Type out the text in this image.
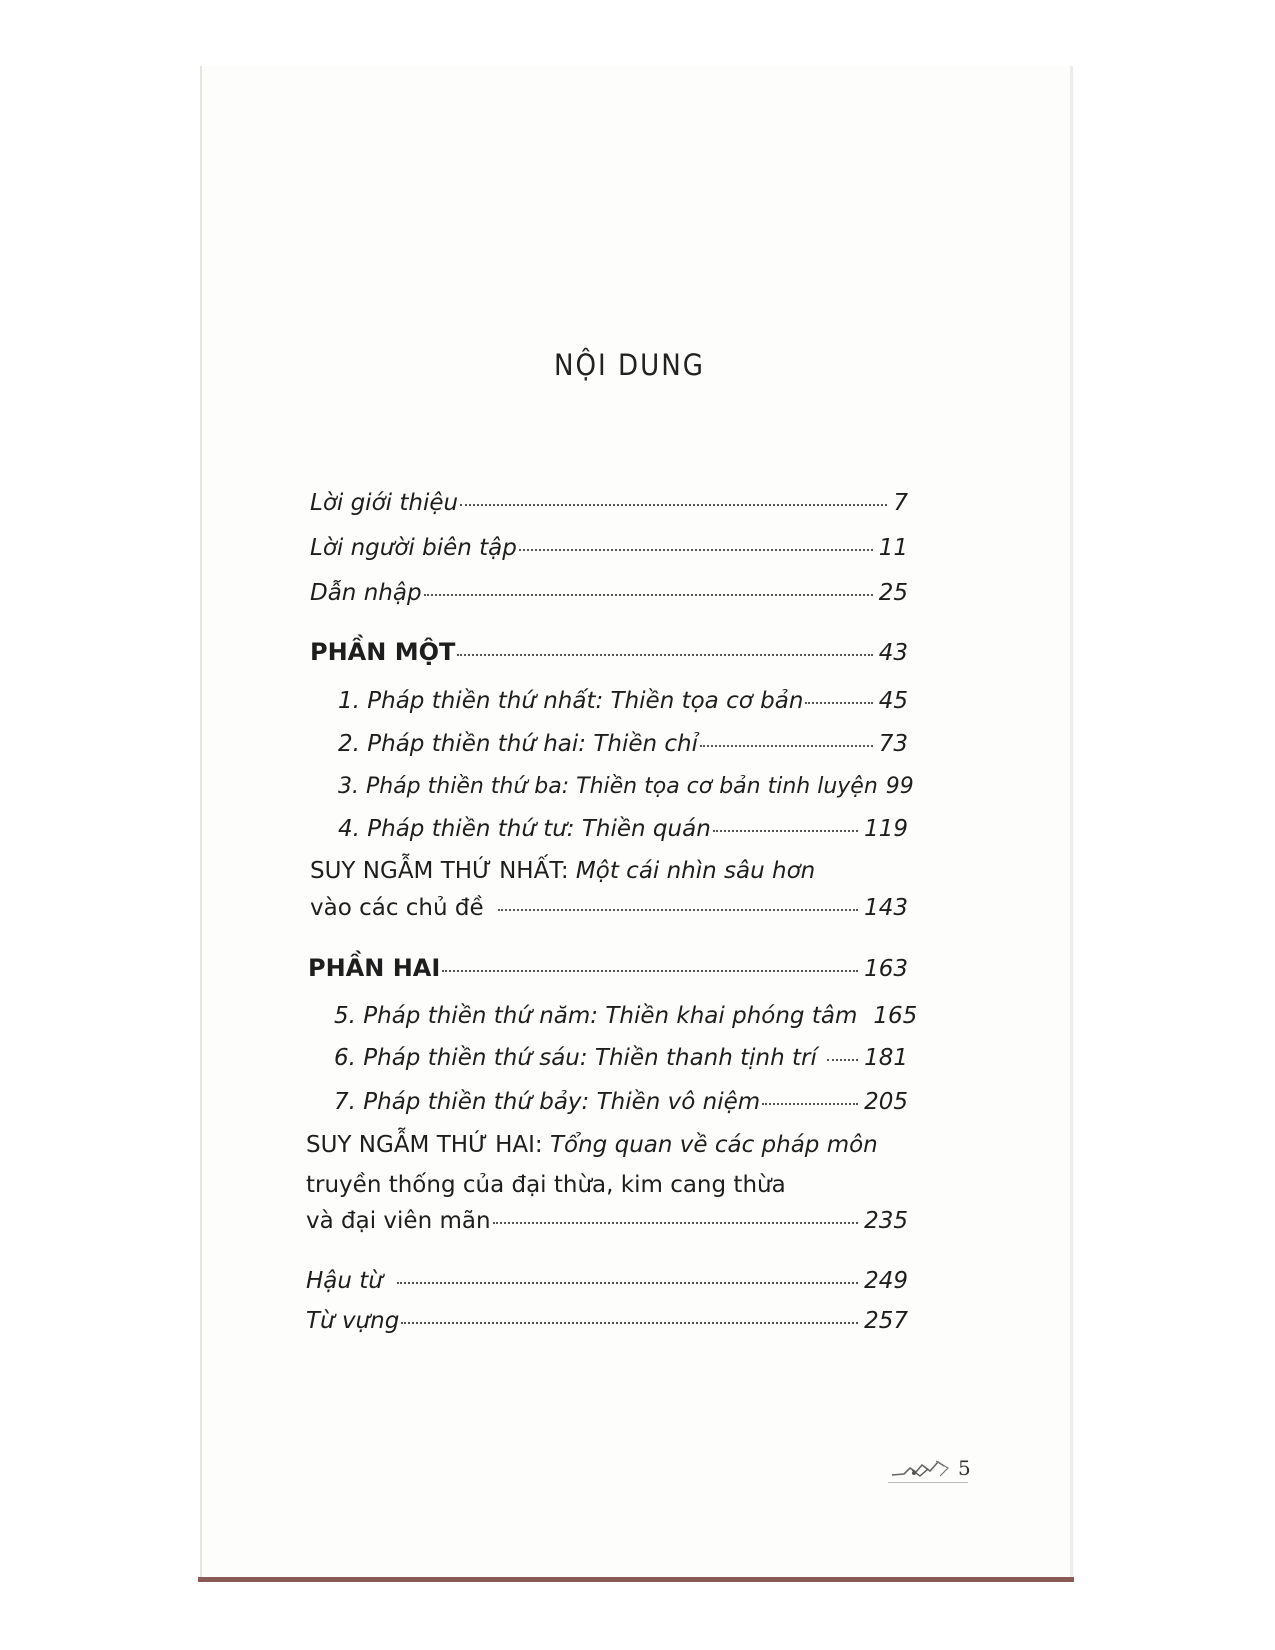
NỘI DUNG
Lời giới thiệu	7
Lời người biên tập	11
Dẫn nhập	25
PHẦN MỘT	43
1. Pháp thiền thứ nhất: Thiền tọa cơ bản	45
2. Pháp thiền thứ hai: Thiền chỉ	73
3. Pháp thiền thứ ba: Thiền tọa cơ bản tinh luyện 99
4. Pháp thiền thứ tư: Thiền quán	119
SUY NGẪM THỨ NHẤT: Một cái nhìn sâu hơn
vào các chủ đề	143
PHẦN HAI	163
5. Pháp thiền thứ năm: Thiền khai phóng tâm 165
6. Pháp thiền thứ sáu: Thiền thanh tịnh trí 181
7. Pháp thiền thứ bảy: Thiền vô niệm	205
SUY NGẪM THỨ HAI: Tổng quan về các pháp môn
truyền thống của đại thừa, kim cang thừa
và đại viên mãn	235
Hậu từ	249
Từ vựng	257
5
